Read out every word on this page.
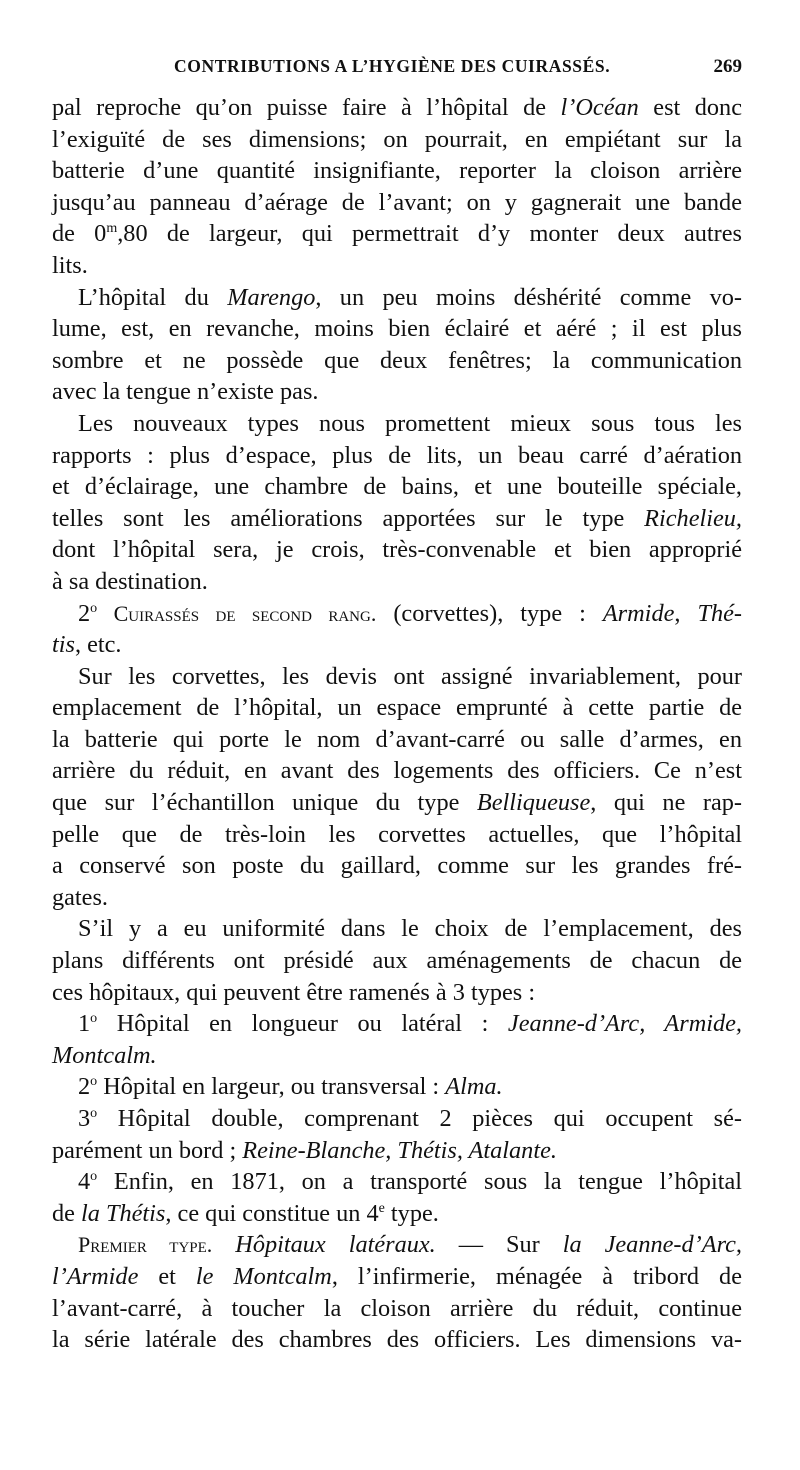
CONTRIBUTIONS A L’HYGIÈNE DES CUIRASSÉS.	269
pal reproche qu’on puisse faire à l’hôpital de l’Océan est donc
l’exiguïté de ses dimensions; on pourrait, en empiétant sur la
batterie d’une quantité insignifiante, reporter la cloison arrière
jusqu’au panneau d’aérage de l’avant; on y gagnerait une bande
de 0$^m$,80 de largeur, qui permettrait d’y monter deux autres
lits.
L’hôpital du Marengo, un peu moins déshérité comme vo-
lume, est, en revanche, moins bien éclairé et aéré ; il est plus
sombre et ne possède que deux fenêtres; la communication
avec la tengue n’existe pas.
Les nouveaux types nous promettent mieux sous tous les
rapports : plus d’espace, plus de lits, un beau carré d’aération
et d’éclairage, une chambre de bains, et une bouteille spéciale,
telles sont les améliorations apportées sur le type Richelieu,
dont l’hôpital sera, je crois, très-convenable et bien approprié
à sa destination.
2$^o$ Cuirassés de second rang. (corvettes), type : Armide, Thé-
tis, etc.
Sur les corvettes, les devis ont assigné invariablement, pour
emplacement de l’hôpital, un espace emprunté à cette partie de
la batterie qui porte le nom d’avant-carré ou salle d’armes, en
arrière du réduit, en avant des logements des officiers. Ce n’est
que sur l’échantillon unique du type Belliqueuse, qui ne rap-
pelle que de très-loin les corvettes actuelles, que l’hôpital
a conservé son poste du gaillard, comme sur les grandes fré-
gates.
S’il y a eu uniformité dans le choix de l’emplacement, des
plans différents ont présidé aux aménagements de chacun de
ces hôpitaux, qui peuvent être ramenés à 3 types :
1$^o$ Hôpital en longueur ou latéral : Jeanne-d’Arc, Armide,
Montcalm.
2$^o$ Hôpital en largeur, ou transversal : Alma.
3$^o$ Hôpital double, comprenant 2 pièces qui occupent sé-
parément un bord ; Reine-Blanche, Thétis, Atalante.
4$^o$ Enfin, en 1871, on a transporté sous la tengue l’hôpital
de la Thétis, ce qui constitue un 4e type.
Premier type. Hôpitaux latéraux. — Sur la Jeanne-d’Arc,
l’Armide et le Montcalm, l’infirmerie, ménagée à tribord de
l’avant-carré, à toucher la cloison arrière du réduit, continue
la série latérale des chambres des officiers. Les dimensions va-
